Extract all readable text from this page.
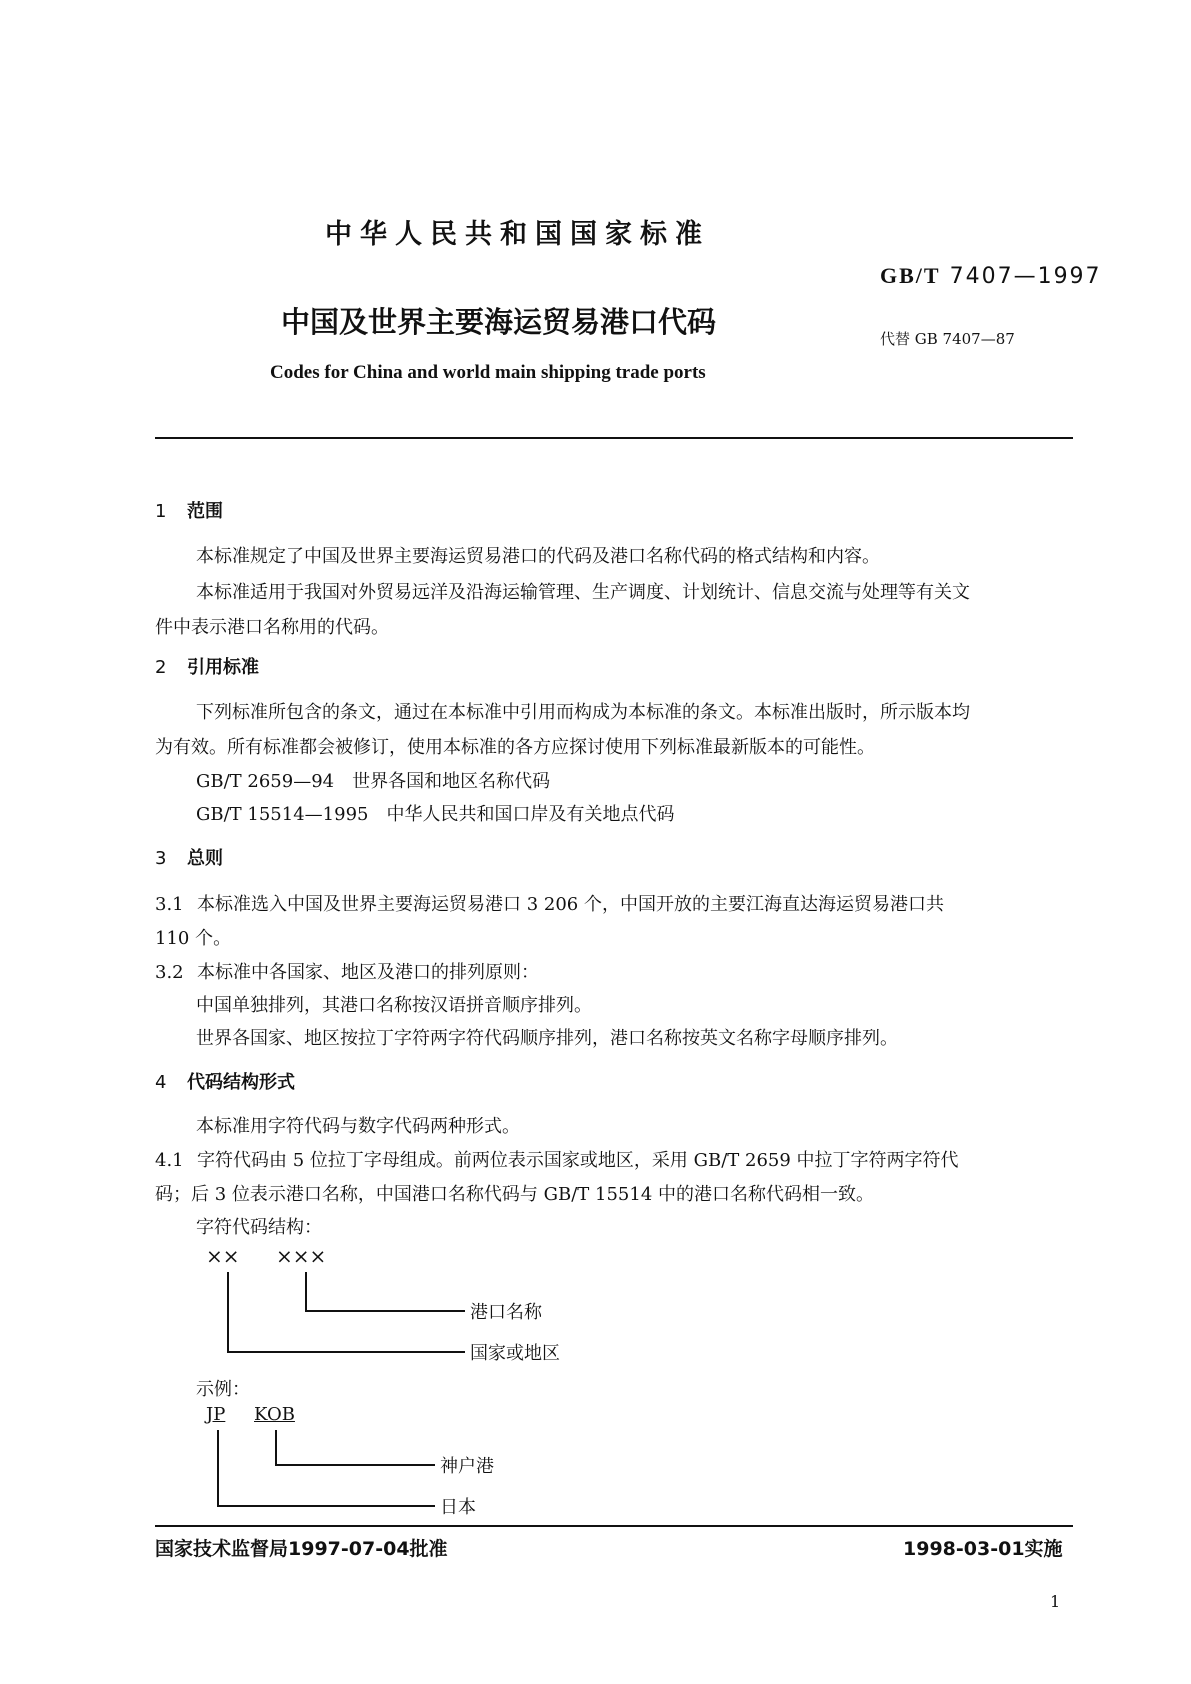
中华人民共和国国家标准
GB/T 7407—1997
中国及世界主要海运贸易港口代码	代替 GB 7407—87
Codes for China and world main shipping trade ports
1 范围
本标准规定了中国及世界主要海运贸易港口的代码及港口名称代码的格式结构和内容。
本标准适用于我国对外贸易远洋及沿海运输管理、生产调度、计划统计、信息交流与处理等有关文
件中表示港口名称用的代码。
2 引用标准
下列标准所包含的条文，通过在本标准中引用而构成为本标准的条文。本标准出版时，所示版本均
为有效。所有标准都会被修订，使用本标准的各方应探讨使用下列标准最新版本的可能性。
GB/T 2659—94　世界各国和地区名称代码
GB/T 15514—1995　中华人民共和国口岸及有关地点代码
3 总则
3.1 本标准选入中国及世界主要海运贸易港口 3 206 个，中国开放的主要江海直达海运贸易港口共
110 个。
3.2 本标准中各国家、地区及港口的排列原则：
中国单独排列，其港口名称按汉语拼音顺序排列。
世界各国家、地区按拉丁字符两字符代码顺序排列，港口名称按英文名称字母顺序排列。
4 代码结构形式
本标准用字符代码与数字代码两种形式。
4.1 字符代码由 5 位拉丁字母组成。前两位表示国家或地区，采用 GB/T 2659 中拉丁字符两字符代
码；后 3 位表示港口名称，中国港口名称代码与 GB/T 15514 中的港口名称代码相一致。
字符代码结构：
×× ×××
港口名称
国家或地区
示例：
JP KOB
神户港
日本
国家技术监督局1997-07-04批准	1998-03-01实施
1
